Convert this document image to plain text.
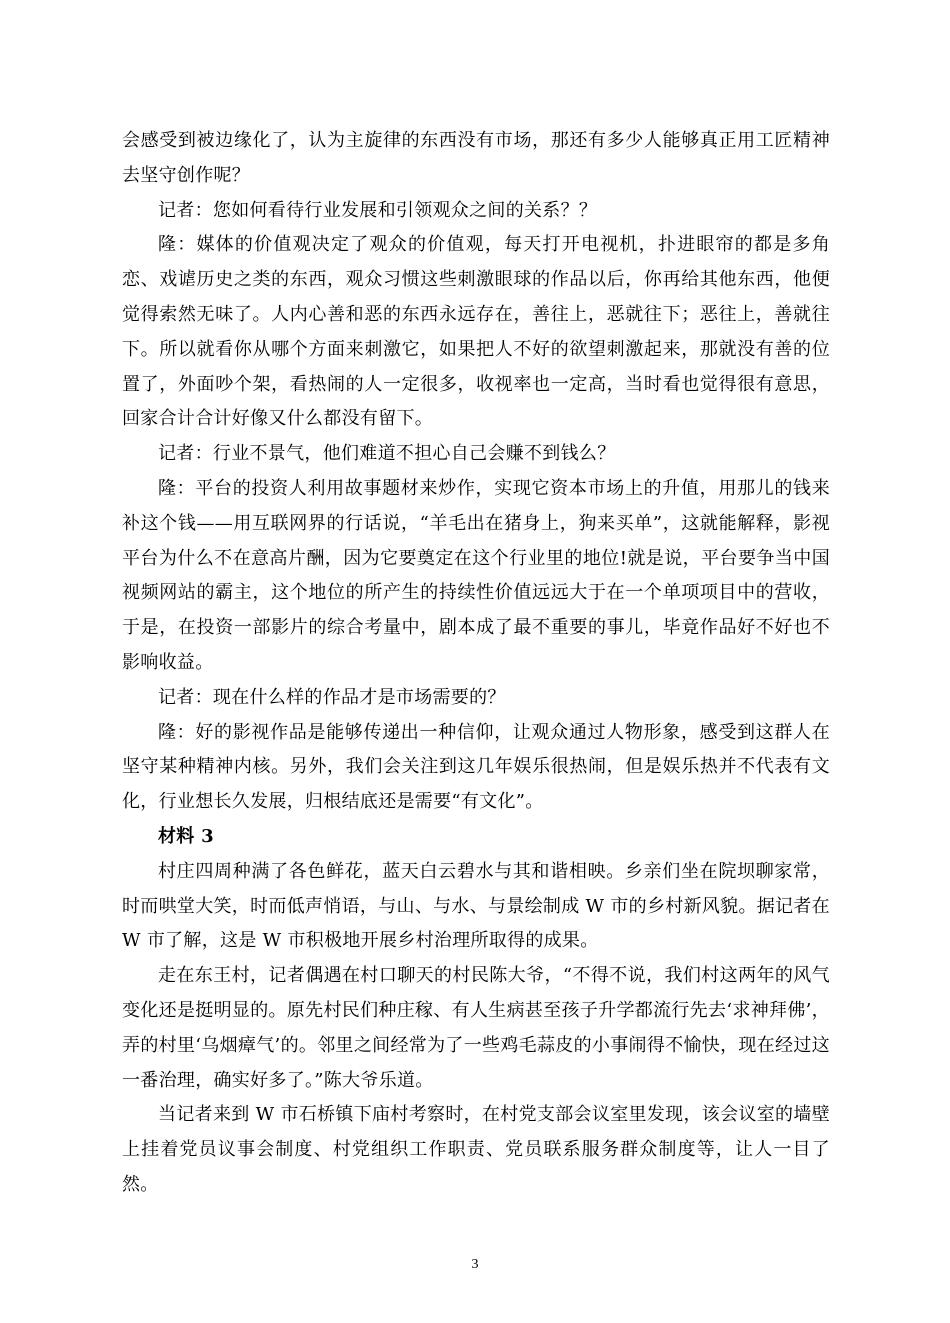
会感受到被边缘化了，认为主旋律的东西没有市场，那还有多少人能够真正用工匠精神去坚守创作呢？

记者：您如何看待行业发展和引领观众之间的关系？？

隆：媒体的价值观决定了观众的价值观，每天打开电视机，扑进眼帘的都是多角恋、戏谑历史之类的东西，观众习惯这些刺激眼球的作品以后，你再给其他东西，他便觉得索然无味了。人内心善和恶的东西永远存在，善往上，恶就往下；恶往上，善就往下。所以就看你从哪个方面来刺激它，如果把人不好的欲望刺激起来，那就没有善的位置了，外面吵个架，看热闹的人一定很多，收视率也一定高，当时看也觉得很有意思，回家合计合计好像又什么都没有留下。

记者：行业不景气，他们难道不担心自己会赚不到钱么？

隆：平台的投资人利用故事题材来炒作，实现它资本市场上的升值，用那儿的钱来补这个钱——用互联网界的行话说，“羊毛出在猪身上，狗来买单”，这就能解释，影视平台为什么不在意高片酬，因为它要奠定在这个行业里的地位!就是说，平台要争当中国视频网站的霸主，这个地位的所产生的持续性价值远远大于在一个单项项目中的营收，于是，在投资一部影片的综合考量中，剧本成了最不重要的事儿，毕竟作品好不好也不影响收益。

记者：现在什么样的作品才是市场需要的？

隆：好的影视作品是能够传递出一种信仰，让观众通过人物形象，感受到这群人在坚守某种精神内核。另外，我们会关注到这几年娱乐很热闹，但是娱乐热并不代表有文化，行业想长久发展，归根结底还是需要“有文化”。

材料 3

村庄四周种满了各色鲜花，蓝天白云碧水与其和谐相映。乡亲们坐在院坝聊家常，时而哄堂大笑，时而低声悄语，与山、与水、与景绘制成 W 市的乡村新风貌。据记者在 W 市了解，这是 W 市积极地开展乡村治理所取得的成果。

走在东王村，记者偶遇在村口聊天的村民陈大爷，“不得不说，我们村这两年的风气变化还是挺明显的。原先村民们种庄稼、有人生病甚至孩子升学都流行先去‘求神拜佛’，弄的村里‘乌烟瘴气’的。邻里之间经常为了一些鸡毛蒜皮的小事闹得不愉快，现在经过这一番治理，确实好多了。”陈大爷乐道。

当记者来到 W 市石桥镇下庙村考察时，在村党支部会议室里发现，该会议室的墙壁上挂着党员议事会制度、村党组织工作职责、党员联系服务群众制度等，让人一目了然。

3
